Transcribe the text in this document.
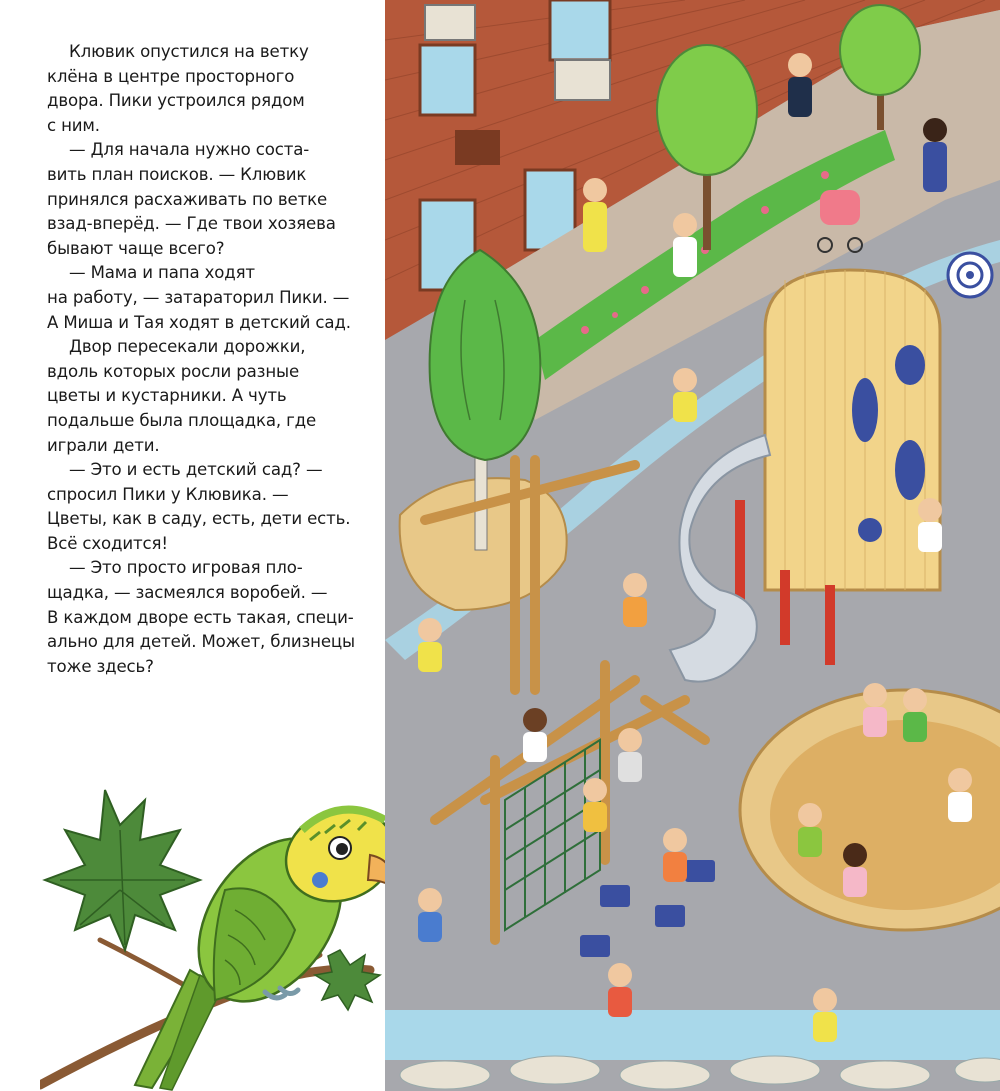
Клювик опустился на ветку
клёна в центре просторного
двора. Пики устроился рядом
с ним.

— Для начала нужно соста-
вить план поисков. — Клювик
принялся расхаживать по ветке
взад-вперёд. — Где твои хозяева
бывают чаще всего?

— Мама и папа ходят
на работу, — затараторил Пики. —
А Миша и Тая ходят в детский сад.

Двор пересекали дорожки,
вдоль которых росли разные
цветы и кустарники. А чуть
подальше была площадка, где
играли дети.

— Это и есть детский сад? —
спросил Пики у Клювика. —
Цветы, как в саду, есть, дети есть.
Всё сходится!

— Это просто игровая пло-
щадка, — засмеялся воробей. —
В каждом дворе есть такая, специ-
ально для детей. Может, близнецы
тоже здесь?
